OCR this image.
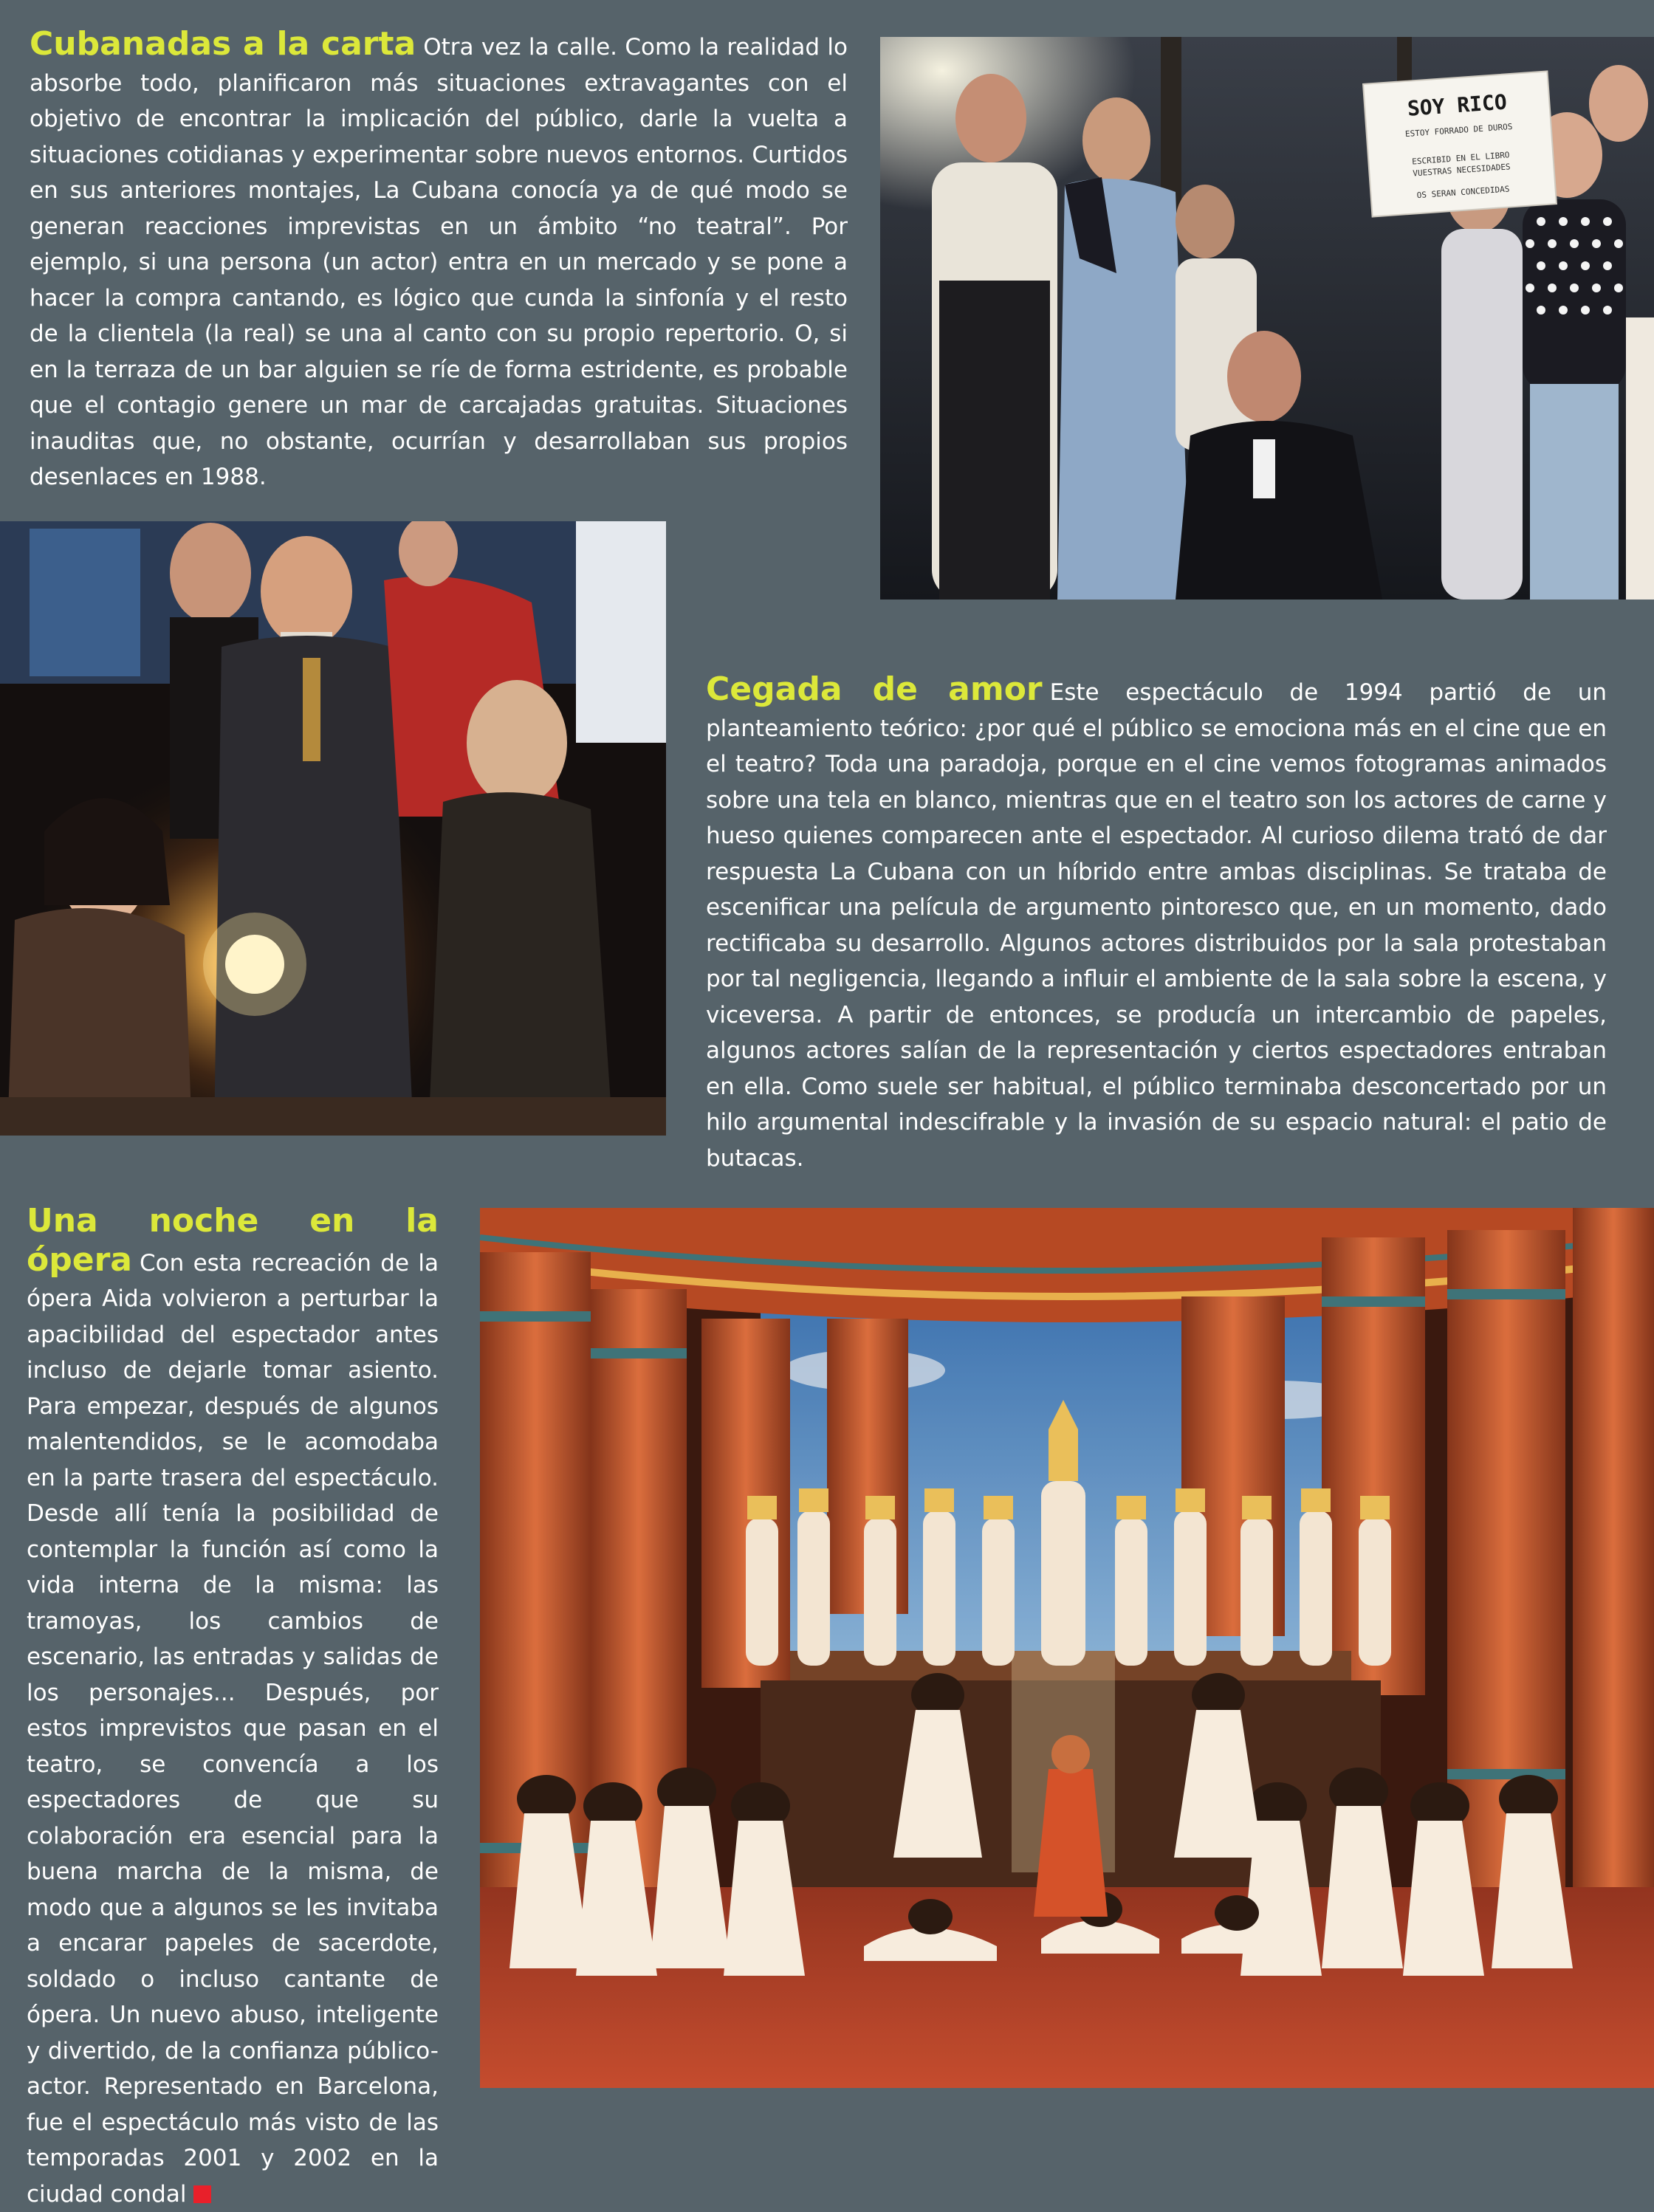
Cubanadas a la carta Otra vez la calle. Como la realidad lo absorbe todo, planificaron más situaciones extravagantes con el objetivo de encontrar la implicación del público, darle la vuelta a situaciones cotidianas y experimentar sobre nuevos entornos. Curtidos en sus anteriores montajes, La Cubana conocía ya de qué modo se generan reacciones imprevistas en un ámbito “no teatral”. Por ejemplo, si una persona (un actor) entra en un mercado y se pone a hacer la compra cantando, es lógico que cunda la sinfonía y el resto de la clientela (la real) se una al canto con su propio repertorio. O, si en la terraza de un bar alguien se ríe de forma estridente, es probable que el contagio genere un mar de carcajadas gratuitas. Situaciones inauditas que, no obstante, ocurrían y desarrollaban sus propios desenlaces en 1988.

SOY RICO
ESTOY FORRADO DE DUROS
ESCRIBID EN EL LIBRO
VUESTRAS NECESIDADES
OS SERAN CONCEDIDAS

Cegada de amor Este espectáculo de 1994 partió de un planteamiento teórico: ¿por qué el público se emociona más en el cine que en el teatro? Toda una paradoja, porque en el cine vemos fotogramas animados sobre una tela en blanco, mientras que en el teatro son los actores de carne y hueso quienes comparecen ante el espectador. Al curioso dilema trató de dar respuesta La Cubana con un híbrido entre ambas disciplinas. Se trataba de escenificar una película de argumento pintoresco que, en un momento, dado rectificaba su desarrollo. Algunos actores distribuidos por la sala protestaban por tal negligencia, llegando a influir el ambiente de la sala sobre la escena, y viceversa. A partir de entonces, se producía un intercambio de papeles, algunos actores salían de la representación y ciertos espectadores entraban en ella. Como suele ser habitual, el público terminaba desconcertado por un hilo argumental indescifrable y la invasión de su espacio natural: el patio de butacas.

Una noche en la ópera Con esta recreación de la ópera Aida volvieron a perturbar la apacibilidad del espectador antes incluso de dejarle tomar asiento. Para empezar, después de algunos malentendidos, se le acomodaba en la parte trasera del espectáculo. Desde allí tenía la posibilidad de contemplar la función así como la vida interna de la misma: las tramoyas, los cambios de escenario, las entradas y salidas de los personajes... Después, por estos imprevistos que pasan en el teatro, se convencía a los espectadores de que su colaboración era esencial para la buena marcha de la misma, de modo que a algunos se les invitaba a encarar papeles de sacerdote, soldado o incluso cantante de ópera. Un nuevo abuso, inteligente y divertido, de la confianza público-actor. Representado en Barcelona, fue el espectáculo más visto de las temporadas 2001 y 2002 en la ciudad condal
